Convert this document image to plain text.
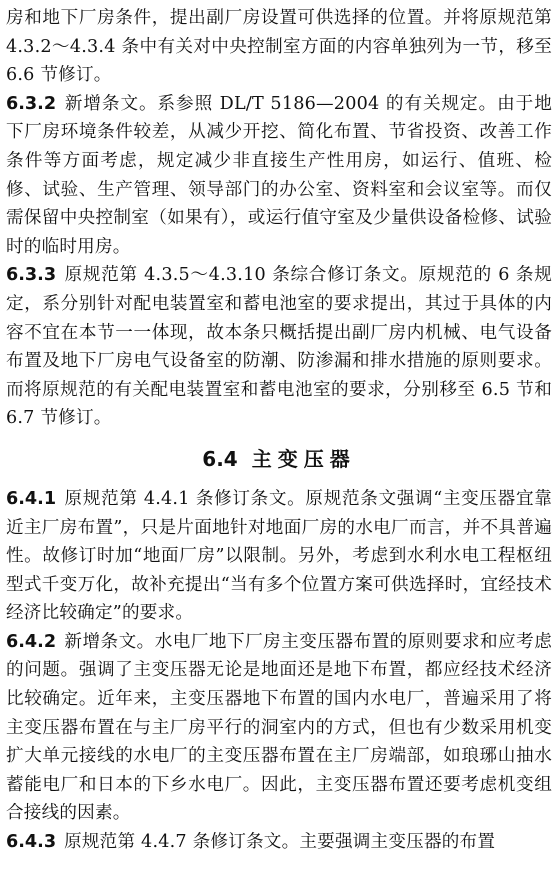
房和地下厂房条件，提出副厂房设置可供选择的位置。并将原规范第 4.3.2～4.3.4 条中有关对中央控制室方面的内容单独列为一节，移至 6.6 节修订。

6.3.2 新增条文。系参照 DL/T 5186—2004 的有关规定。由于地下厂房环境条件较差，从减少开挖、简化布置、节省投资、改善工作条件等方面考虑，规定减少非直接生产性用房，如运行、值班、检修、试验、生产管理、领导部门的办公室、资料室和会议室等。而仅需保留中央控制室（如果有），或运行值守室及少量供设备检修、试验时的临时用房。

6.3.3 原规范第 4.3.5～4.3.10 条综合修订条文。原规范的 6 条规定，系分别针对配电装置室和蓄电池室的要求提出，其过于具体的内容不宜在本节一一体现，故本条只概括提出副厂房内机械、电气设备布置及地下厂房电气设备室的防潮、防渗漏和排水措施的原则要求。而将原规范的有关配电装置室和蓄电池室的要求，分别移至 6.5 节和 6.7 节修订。

6.4 主变压器

6.4.1 原规范第 4.4.1 条修订条文。原规范条文强调“主变压器宜靠近主厂房布置”，只是片面地针对地面厂房的水电厂而言，并不具普遍性。故修订时加“地面厂房”以限制。另外，考虑到水利水电工程枢纽型式千变万化，故补充提出“当有多个位置方案可供选择时，宜经技术经济比较确定”的要求。

6.4.2 新增条文。水电厂地下厂房主变压器布置的原则要求和应考虑的问题。强调了主变压器无论是地面还是地下布置，都应经技术经济比较确定。近年来，主变压器地下布置的国内水电厂，普遍采用了将主变压器布置在与主厂房平行的洞室内的方式，但也有少数采用机变扩大单元接线的水电厂的主变压器布置在主厂房端部，如琅琊山抽水蓄能电厂和日本的下乡水电厂。因此，主变压器布置还要考虑机变组合接线的因素。

6.4.3 原规范第 4.4.7 条修订条文。主要强调主变压器的布置
